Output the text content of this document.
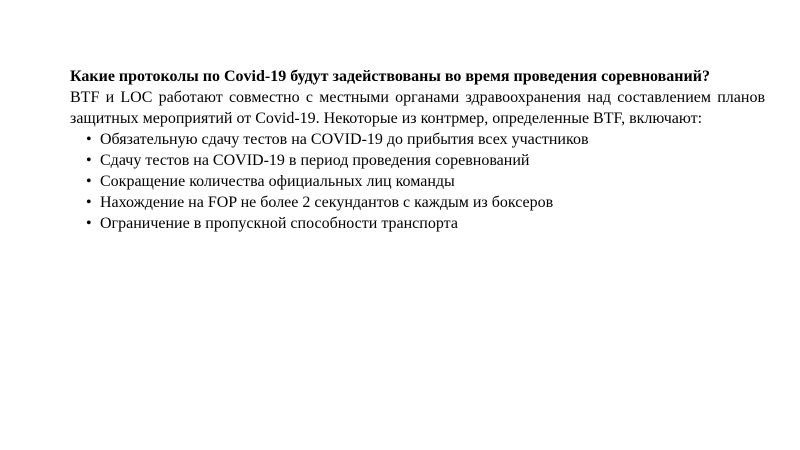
Какие протоколы по Covid-19 будут задействованы во время проведения соревнований?

BTF и LOC работают совместно с местными органами здравоохранения над составлением планов защитных мероприятий от Covid-19. Некоторые из контрмер, определенные BTF, включают:

•
Обязательную сдачу тестов на COVID-19 до прибытия всех участников
•
Сдачу тестов на COVID-19 в период проведения соревнований
•
Сокращение количества официальных лиц команды
•
Нахождение на FOP не более 2 секундантов с каждым из боксеров
•
Ограничение в пропускной способности транспорта
